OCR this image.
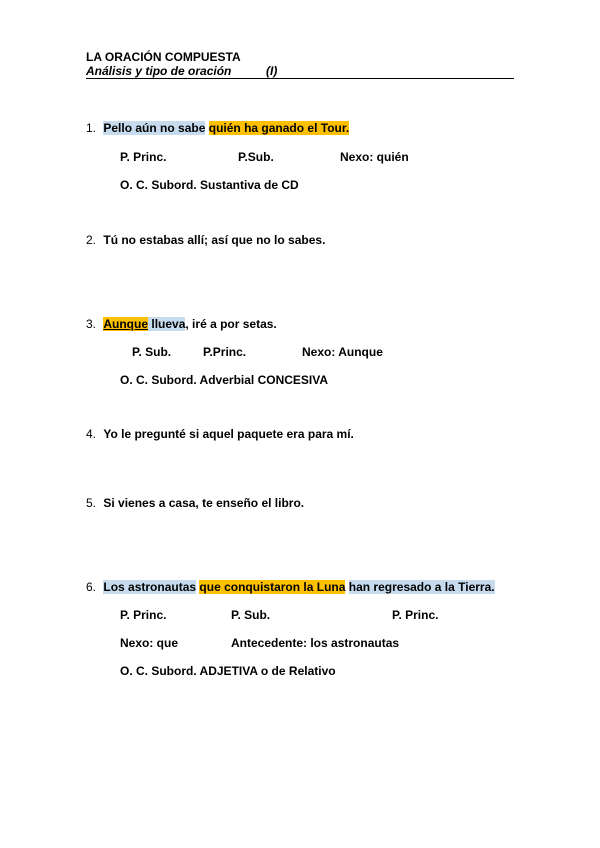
LA ORACIÓN COMPUESTA
Análisis y tipo de oración	(I)
1. Pello aún no sabe quién ha ganado el Tour.
P. Princ.	P.Sub.	Nexo: quién
O. C. Subord. Sustantiva de CD
2. Tú no estabas allí; así que no lo sabes.
3. Aunque llueva, iré a por setas.
P. Sub.	P.Princ.	Nexo: Aunque
O. C. Subord. Adverbial CONCESIVA
4. Yo le pregunté si aquel paquete era para mí.
5. Si vienes a casa, te enseño el libro.
6. Los astronautas que conquistaron la Luna han regresado a la Tierra.
P. Princ.	P. Sub.	P. Princ.
Nexo: que	Antecedente: los astronautas
O. C. Subord. ADJETIVA o de Relativo
